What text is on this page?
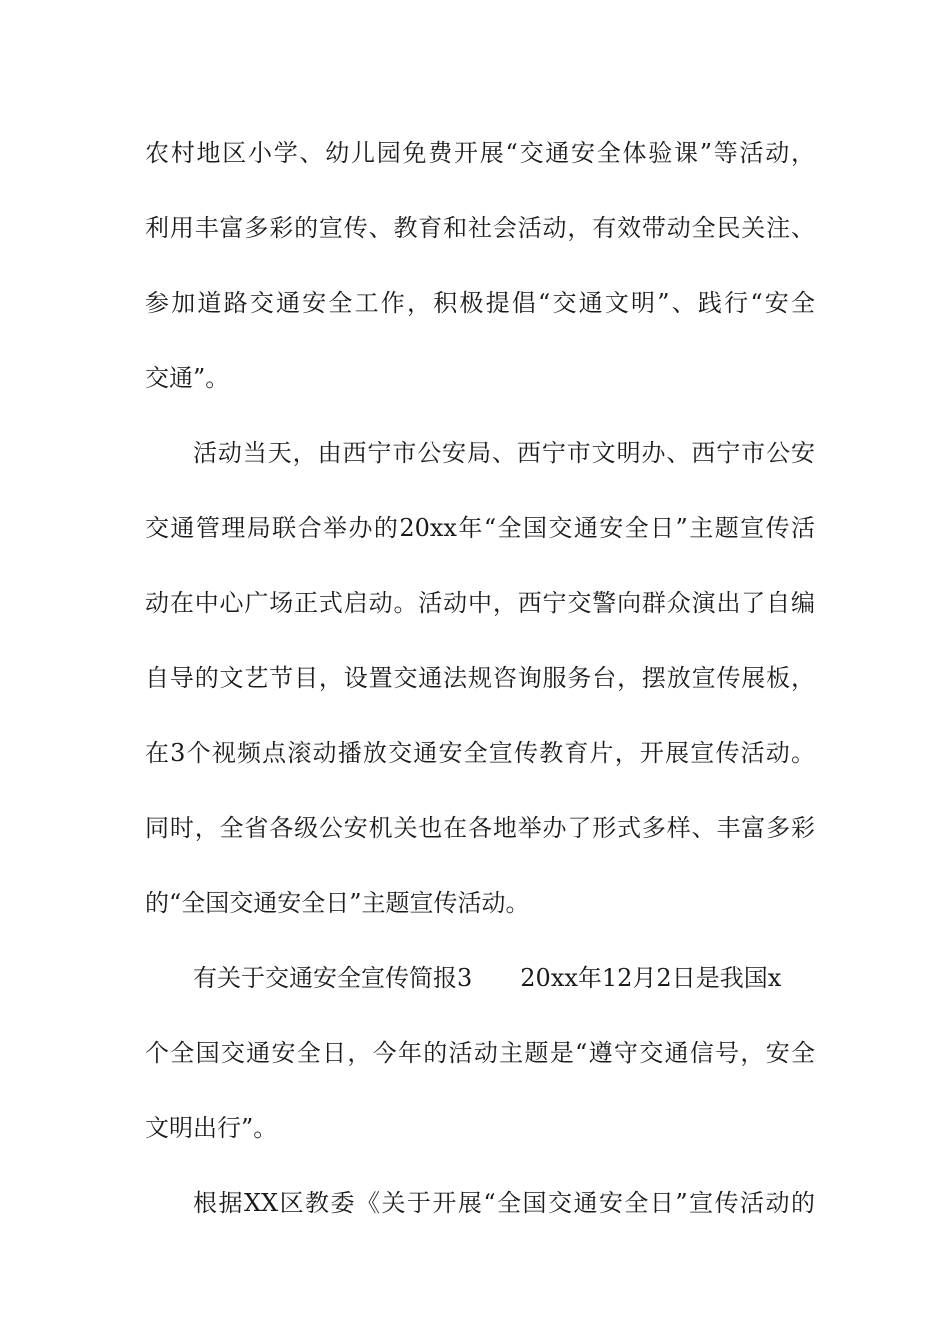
农村地区小学、幼儿园免费开展“交通安全体验课”等活动，
利用丰富多彩的宣传、教育和社会活动，有效带动全民关注、
参加道路交通安全工作，积极提倡“交通文明”、践行“安全
交通”。
活动当天，由西宁市公安局、西宁市文明办、西宁市公安
交通管理局联合举办的20xx年“全国交通安全日”主题宣传活
动在中心广场正式启动。活动中，西宁交警向群众演出了自编
自导的文艺节目，设置交通法规咨询服务台，摆放宣传展板，
在3个视频点滚动播放交通安全宣传教育片，开展宣传活动。
同时，全省各级公安机关也在各地举办了形式多样、丰富多彩
的“全国交通安全日”主题宣传活动。
有关于交通安全宣传简报3 20xx年12月2日是我国x
个全国交通安全日，今年的活动主题是“遵守交通信号，安全
文明出行”。
根据XX区教委《关于开展“全国交通安全日”宣传活动的
